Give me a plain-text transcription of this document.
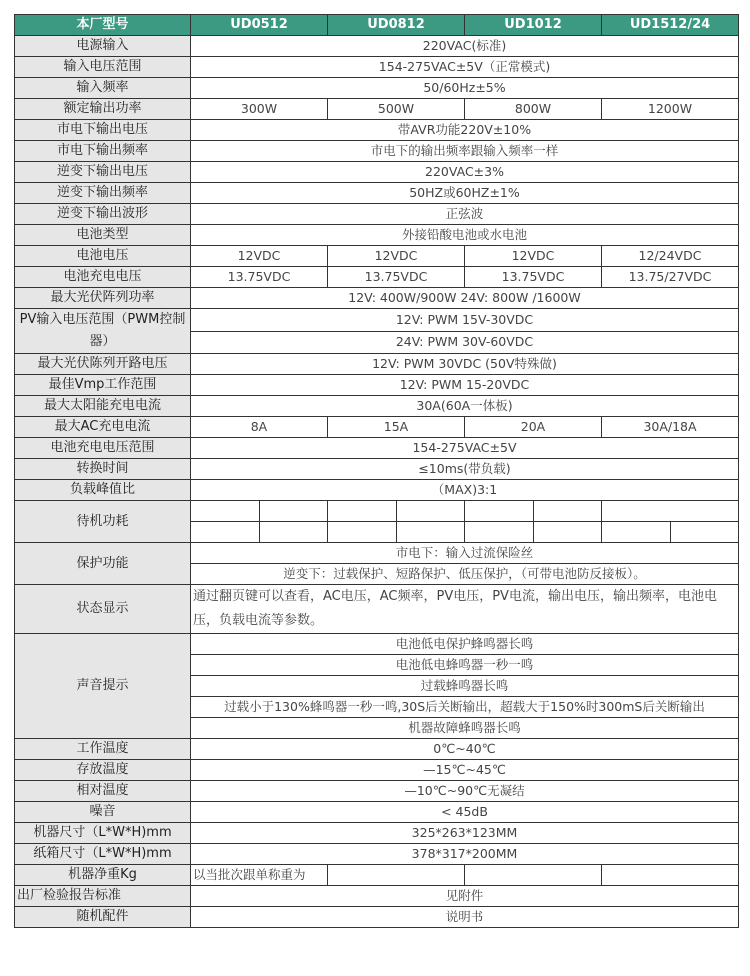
本厂型号	UD0512		UD0812		UD1012		UD1512/24	
电源输入	220VAC(标准)							
输入电压范围	154-275VAC±5V（正常模式)							
输入频率	50/60Hz±5%							
额定输出功率	300W		500W		800W		1200W	
市电下输出电压	带AVR功能220V±10%							
市电下输出频率	市电下的输出频率跟输入频率一样							
逆变下输出电压	220VAC±3%							
逆变下输出频率	50HZ或60HZ±1%							
逆变下输出波形	正弦波							
电池类型	外接铅酸电池或水电池							
电池电压	12VDC		12VDC		12VDC		12/24VDC	
电池充电电压	13.75VDC		13.75VDC		13.75VDC		13.75/27VDC	
最大光伏阵列功率	12V: 400W/900W 24V: 800W /1600W							
PV输入电压范围（PWM控制器）	12V: PWM 15V-30VDC							
	24V: PWM 30V-60VDC							
最大光伏陈列开路电压	12V: PWM 30VDC (50V特殊做)							
最佳Vmp工作范围	12V: PWM 15-20VDC							
最大太阳能充电电流	30A(60A一体板)							
最大AC充电电流	8A		15A		20A		30A/18A	
电池充电电压范围	154-275VAC±5V							
转换时间	≤10ms(带负载)							
负载峰值比	（MAX)3:1							
待机功耗								

保护功能	市电下：输入过流保险丝							
	逆变下：过载保护、短路保护、低压保护，（可带电池防反接板）。							
状态显示	通过翻页键可以查看，AC电压，AC频率，PV电压，PV电流，输出电压，输出频率，电池电压，负载电流等参数。							
声音提示	电池低电保护蜂鸣器长鸣							
	电池低电蜂鸣器一秒一鸣							
	过载蜂鸣器长鸣							
	过载小于130%蜂鸣器一秒一鸣,30S后关断输出，超载大于150%时300mS后关断输出							
	机器故障蜂鸣器长鸣							
工作温度	0℃~40℃							
存放温度	—15℃~45℃							
相对温度	—10℃~90℃无凝结							
噪音	< 45dB							
机器尺寸（L*W*H)mm	325*263*123MM							
纸箱尺寸（L*W*H)mm	378*317*200MM							
机器净重Kg	以当批次跟单称重为							
出厂检验报告标准	见附件							
随机配件	说明书							
